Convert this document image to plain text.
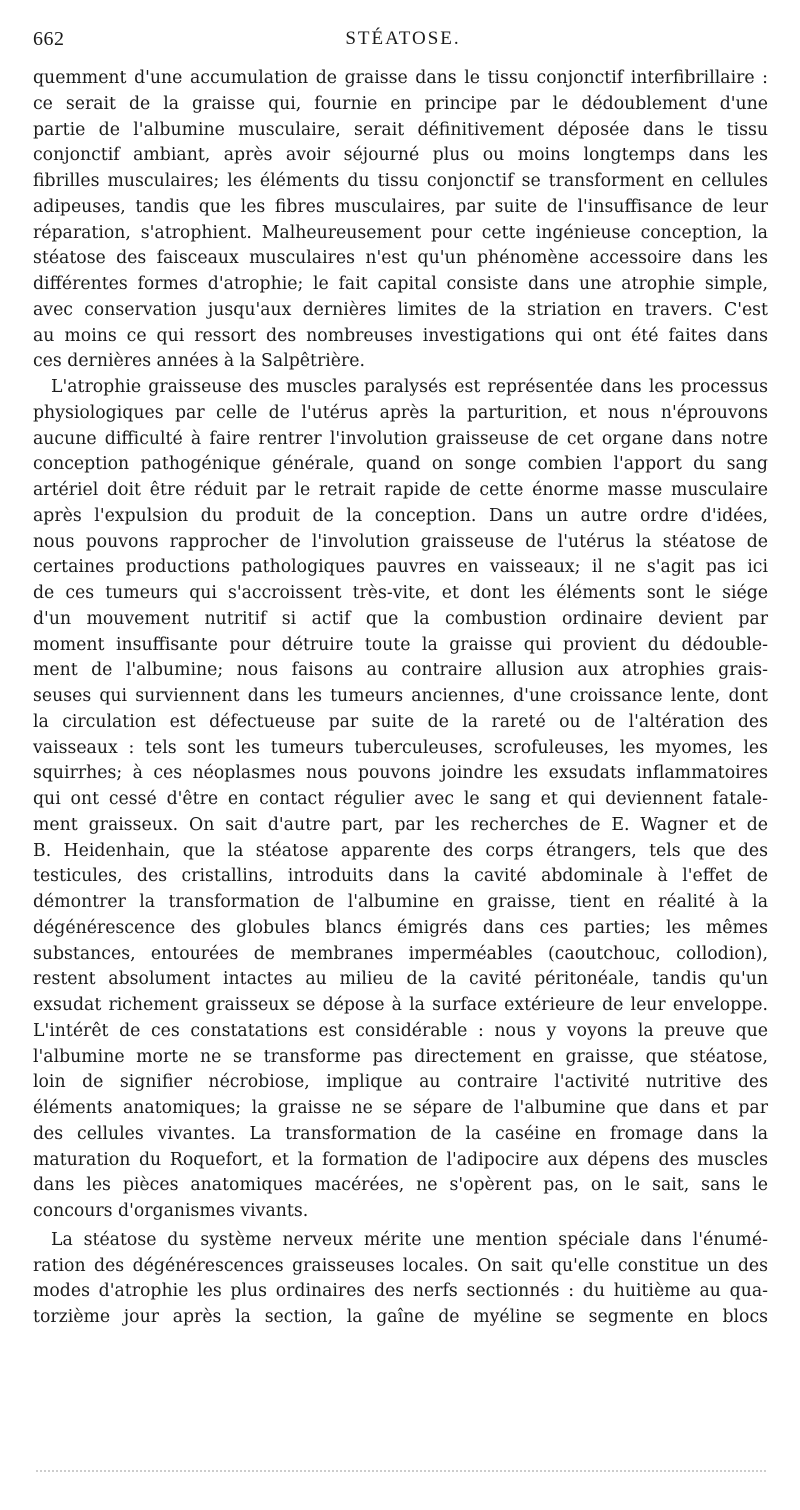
662	STÉATOSE.
quemment d'une accumulation de graisse dans le tissu conjonctif interfibrillaire :
ce serait de la graisse qui, fournie en principe par le dédoublement d'une
partie de l'albumine musculaire, serait définitivement déposée dans le tissu
conjonctif ambiant, après avoir séjourné plus ou moins longtemps dans les
fibrilles musculaires; les éléments du tissu conjonctif se transforment en cellules
adipeuses, tandis que les fibres musculaires, par suite de l'insuffisance de leur
réparation, s'atrophient. Malheureusement pour cette ingénieuse conception, la
stéatose des faisceaux musculaires n'est qu'un phénomène accessoire dans les
différentes formes d'atrophie; le fait capital consiste dans une atrophie simple,
avec conservation jusqu'aux dernières limites de la striation en travers. C'est
au moins ce qui ressort des nombreuses investigations qui ont été faites dans
ces dernières années à la Salpêtrière.
L'atrophie graisseuse des muscles paralysés est représentée dans les processus
physiologiques par celle de l'utérus après la parturition, et nous n'éprouvons
aucune difficulté à faire rentrer l'involution graisseuse de cet organe dans notre
conception pathogénique générale, quand on songe combien l'apport du sang
artériel doit être réduit par le retrait rapide de cette énorme masse musculaire
après l'expulsion du produit de la conception. Dans un autre ordre d'idées,
nous pouvons rapprocher de l'involution graisseuse de l'utérus la stéatose de
certaines productions pathologiques pauvres en vaisseaux; il ne s'agit pas ici
de ces tumeurs qui s'accroissent très-vite, et dont les éléments sont le siége
d'un mouvement nutritif si actif que la combustion ordinaire devient par
moment insuffisante pour détruire toute la graisse qui provient du dédouble-
ment de l'albumine; nous faisons au contraire allusion aux atrophies grais-
seuses qui surviennent dans les tumeurs anciennes, d'une croissance lente, dont
la circulation est défectueuse par suite de la rareté ou de l'altération des
vaisseaux : tels sont les tumeurs tuberculeuses, scrofuleuses, les myomes, les
squirrhes; à ces néoplasmes nous pouvons joindre les exsudats inflammatoires
qui ont cessé d'être en contact régulier avec le sang et qui deviennent fatale-
ment graisseux. On sait d'autre part, par les recherches de E. Wagner et de
B. Heidenhain, que la stéatose apparente des corps étrangers, tels que des
testicules, des cristallins, introduits dans la cavité abdominale à l'effet de
démontrer la transformation de l'albumine en graisse, tient en réalité à la
dégénérescence des globules blancs émigrés dans ces parties; les mêmes
substances, entourées de membranes imperméables (caoutchouc, collodion),
restent absolument intactes au milieu de la cavité péritonéale, tandis qu'un
exsudat richement graisseux se dépose à la surface extérieure de leur enveloppe.
L'intérêt de ces constatations est considérable : nous y voyons la preuve que
l'albumine morte ne se transforme pas directement en graisse, que stéatose,
loin de signifier nécrobiose, implique au contraire l'activité nutritive des
éléments anatomiques; la graisse ne se sépare de l'albumine que dans et par
des cellules vivantes. La transformation de la caséine en fromage dans la
maturation du Roquefort, et la formation de l'adipocire aux dépens des muscles
dans les pièces anatomiques macérées, ne s'opèrent pas, on le sait, sans le
concours d'organismes vivants.
La stéatose du système nerveux mérite une mention spéciale dans l'énumé-
ration des dégénérescences graisseuses locales. On sait qu'elle constitue un des
modes d'atrophie les plus ordinaires des nerfs sectionnés : du huitième au qua-
torzième jour après la section, la gaîne de myéline se segmente en blocs
